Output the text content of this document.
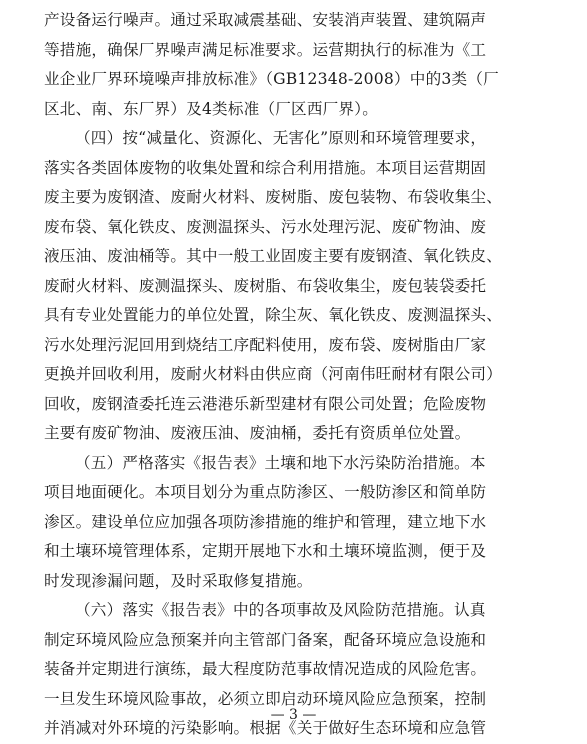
产设备运行噪声。通过采取减震基础、安装消声装置、建筑隔声
等措施，确保厂界噪声满足标准要求。运营期执行的标准为《工
业企业厂界环境噪声排放标准》（GB12348-2008）中的3类（厂
区北、南、东厂界）及4类标准（厂区西厂界）。
（四）按“减量化、资源化、无害化”原则和环境管理要求，
落实各类固体废物的收集处置和综合利用措施。本项目运营期固
废主要为废钢渣、废耐火材料、废树脂、废包装物、布袋收集尘、
废布袋、氧化铁皮、废测温探头、污水处理污泥、废矿物油、废
液压油、废油桶等。其中一般工业固废主要有废钢渣、氧化铁皮、
废耐火材料、废测温探头、废树脂、布袋收集尘，废包装袋委托
具有专业处置能力的单位处置，除尘灰、氧化铁皮、废测温探头、
污水处理污泥回用到烧结工序配料使用，废布袋、废树脂由厂家
更换并回收利用，废耐火材料由供应商（河南伟旺耐材有限公司）
回收，废钢渣委托连云港港乐新型建材有限公司处置；危险废物
主要有废矿物油、废液压油、废油桶，委托有资质单位处置。
（五）严格落实《报告表》土壤和地下水污染防治措施。本
项目地面硬化。本项目划分为重点防渗区、一般防渗区和简单防
渗区。建设单位应加强各项防渗措施的维护和管理，建立地下水
和土壤环境管理体系，定期开展地下水和土壤环境监测，便于及
时发现渗漏问题，及时采取修复措施。
（六）落实《报告表》中的各项事故及风险防范措施。认真
制定环境风险应急预案并向主管部门备案，配备环境应急设施和
装备并定期进行演练，最大程度防范事故情况造成的风险危害。
一旦发生环境风险事故，必须立即启动环境风险应急预案，控制
并消减对外环境的污染影响。根据《关于做好生态环境和应急管
— 3 —
